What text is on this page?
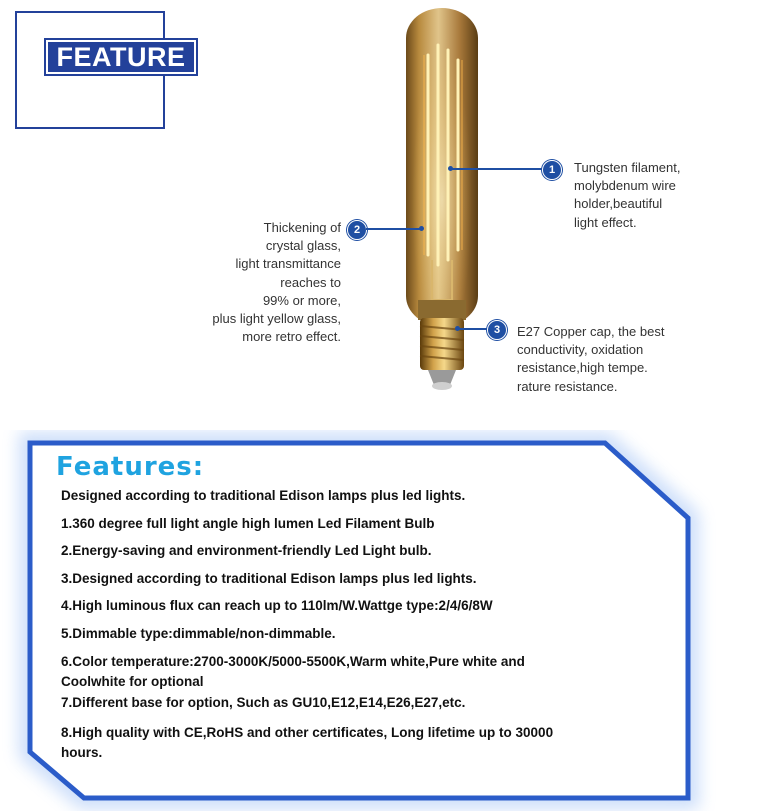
FEATURE
1	Tungsten filament,
molybdenum wire
holder,beautiful
light effect.
2
Thickening of
crystal glass,
light transmittance
reaches to
99% or more,
plus light yellow glass,
more retro effect.	3	E27 Copper cap, the best
conductivity, oxidation
resistance,high tempe.
rature resistance.
Features:
Designed according to traditional Edison lamps plus led lights.
1.360 degree full light angle high lumen Led Filament Bulb
2.Energy-saving and environment-friendly Led Light bulb.
3.Designed according to traditional Edison lamps plus led lights.
4.High luminous flux can reach up to 110lm/W.Wattge type:2/4/6/8W
5.Dimmable type:dimmable/non-dimmable.
6.Color temperature:2700-3000K/5000-5500K,Warm white,Pure white and
Coolwhite for optional
7.Different base for option, Such as GU10,E12,E14,E26,E27,etc.
8.High quality with CE,RoHS and other certificates, Long lifetime up to 30000
hours.
